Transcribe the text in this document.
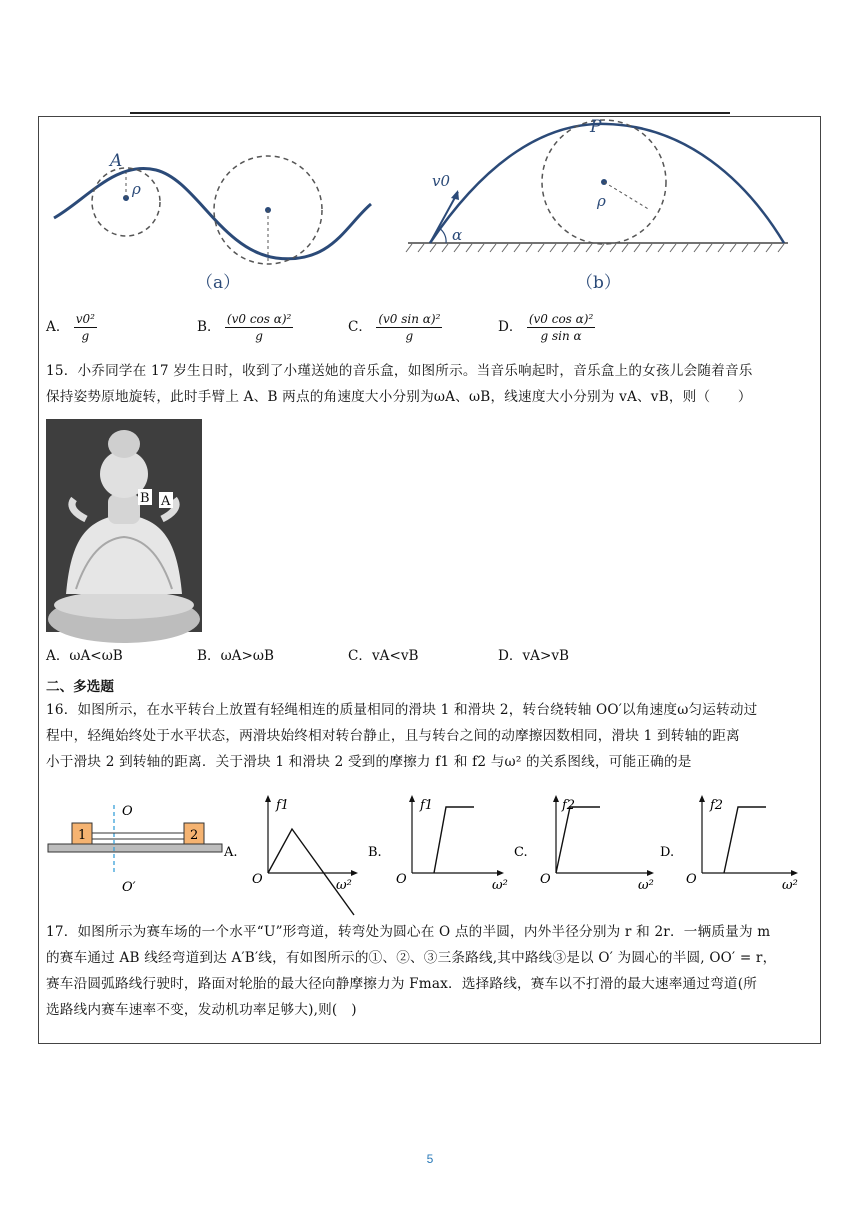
A
ρ	v0
α
ρ
P
（a）	（b）
A． $\frac{\text{v0²}}{g}$	B． $\frac{\text{(v0 cos α)²}}{g}$	C． $\frac{\text{(v0 sin α)²}}{g}$	D． $\frac{\text{(v0 cos α)²}}{\text{g sin α}}$
15．小乔同学在 17 岁生日时，收到了小瑾送她的音乐盒，如图所示。当音乐响起时，音乐盒上的女孩儿会随着音乐
保持姿势原地旋转，此时手臂上 A、B 两点的角速度大小分别为ωA、ωB，线速度大小分别为 vA、vB，则（　　）
B A
A．ωA<ωB	B．ωA>ωB	C．vA<vB	D．vA>vB
二、多选题
16．如图所示，在水平转台上放置有轻绳相连的质量相同的滑块 1 和滑块 2，转台绕转轴 OO′以角速度ω匀运转动过
程中，轻绳始终处于水平状态，两滑块始终相对转台静止，且与转台之间的动摩擦因数相同，滑块 1 到转轴的距离
小于滑块 2 到转轴的距离．关于滑块 1 和滑块 2 受到的摩擦力 f1 和 f2 与ω² 的关系图线，可能正确的是
1	2
O
O′
A.
f1
O	ω²
B.
f1
O	ω²
C.
f2
O	ω²
D.
f2
O	ω²
17．如图所示为赛车场的一个水平“U”形弯道，转弯处为圆心在 O 点的半圆，内外半径分别为 r 和 2r．一辆质量为 m
的赛车通过 AB 线经弯道到达 A′B′线，有如图所示的①、②、③三条路线,其中路线③是以 O′ 为圆心的半圆, OO′ = r，
赛车沿圆弧路线行驶时，路面对轮胎的最大径向静摩擦力为 Fmax．选择路线，赛车以不打滑的最大速率通过弯道(所
选路线内赛车速率不变，发动机功率足够大),则(　)
5
